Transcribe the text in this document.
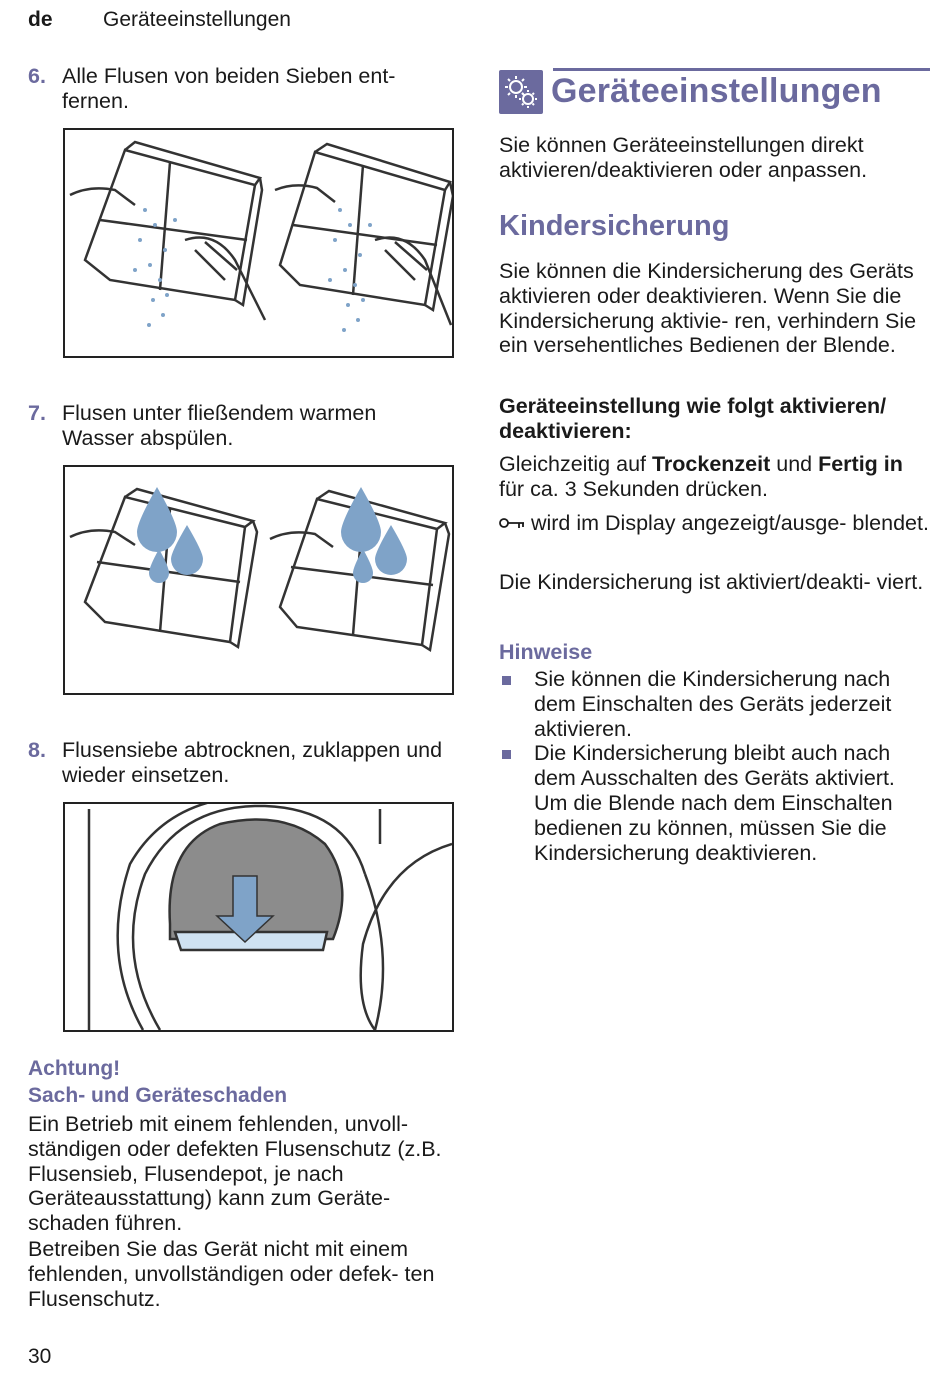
de Geräteeinstellungen
6. Alle Flusen von beiden Sieben ent- fernen.
7. Flusen unter fließendem warmen Wasser abspülen.
8. Flusensiebe abtrocknen, zuklappen und wieder einsetzen.
Achtung!
Sach- und Geräteschaden
Ein Betrieb mit einem fehlenden, unvoll- ständigen oder defekten Flusenschutz (z.B. Flusensieb, Flusendepot, je nach Geräteausstattung) kann zum Geräte- schaden führen.
Betreiben Sie das Gerät nicht mit einem fehlenden, unvollständigen oder defek- ten Flusenschutz.
Geräteeinstellungen
Sie können Geräteeinstellungen direkt aktivieren/deaktivieren oder anpassen.
Kindersicherung
Sie können die Kindersicherung des Geräts aktivieren oder deaktivieren. Wenn Sie die Kindersicherung aktivie- ren, verhindern Sie ein versehentliches Bedienen der Blende.
Geräteeinstellung wie folgt aktivieren/ deaktivieren:
Gleichzeitig auf Trockenzeit und Fertig in für ca. 3 Sekunden drücken.
wird im Display angezeigt/ausge- blendet.
Die Kindersicherung ist aktiviert/deakti- viert.
Hinweise
Sie können die Kindersicherung nach dem Einschalten des Geräts jederzeit aktivieren.
Die Kindersicherung bleibt auch nach dem Ausschalten des Geräts aktiviert. Um die Blende nach dem Einschalten bedienen zu können, müssen Sie die Kindersicherung deaktivieren.
30
